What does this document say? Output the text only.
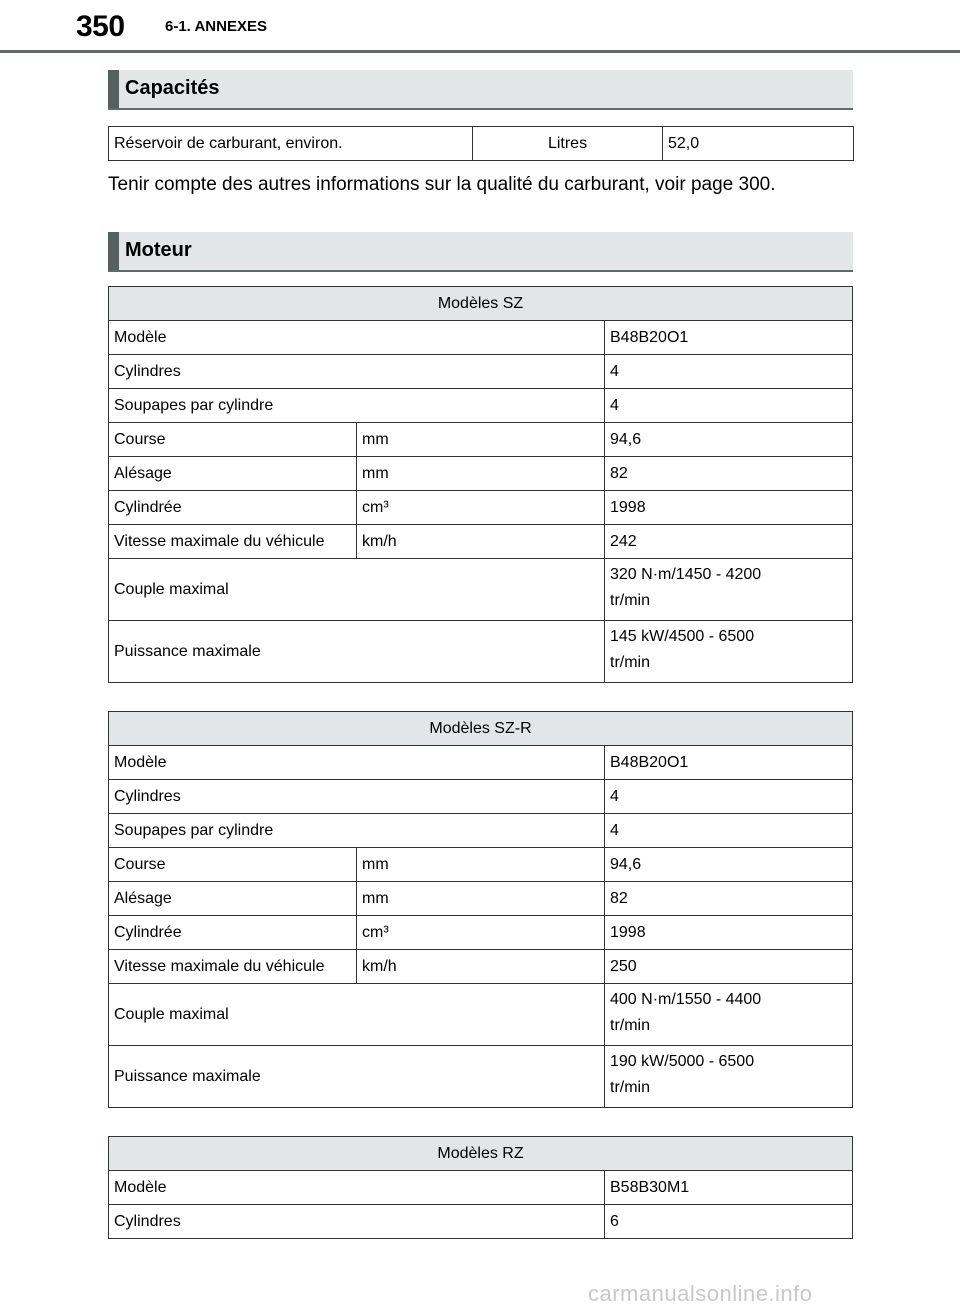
350	6-1. ANNEXES
Capacités
Réservoir de carburant, environ.	Litres	52,0
Tenir compte des autres informations sur la qualité du carburant, voir page 300.
Moteur
Modèles SZ		
Modèle		B48B20O1
Cylindres		4
Soupapes par cylindre		4
Course	mm	94,6
Alésage	mm	82
Cylindrée	cm³	1998
Vitesse maximale du véhicule	km/h	242
Couple maximal		320 N·m/1450 - 4200
tr/min

Puissance maximale		145 kW/4500 - 6500
tr/min
Modèles SZ-R		
Modèle		B48B20O1
Cylindres		4
Soupapes par cylindre		4
Course	mm	94,6
Alésage	mm	82
Cylindrée	cm³	1998
Vitesse maximale du véhicule	km/h	250
Couple maximal		400 N·m/1550 - 4400
tr/min

Puissance maximale		190 kW/5000 - 6500
tr/min
Modèles RZ	
Modèle	B58B30M1
Cylindres	6
carmanualsonline.info
